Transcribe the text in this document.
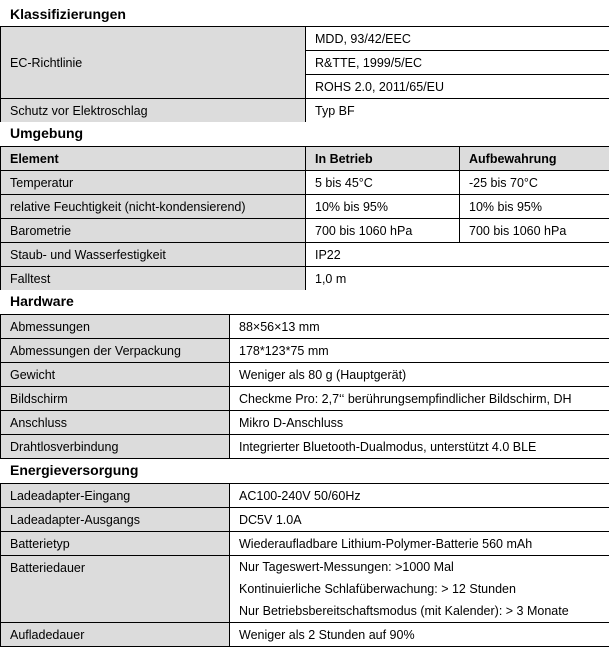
Klassifizierungen
EC-Richtlinie	MDD, 93/42/EEC
	R&TTE, 1999/5/EC
	ROHS 2.0, 2011/65/EU
Schutz vor Elektroschlag	Typ BF
Umgebung
Element	In Betrieb	Aufbewahrung
Temperatur	5 bis 45°C	-25 bis 70°C
relative Feuchtigkeit (nicht-kondensierend)	10% bis 95%	10% bis 95%
Barometrie	700 bis 1060 hPa	700 bis 1060 hPa
Staub- und Wasserfestigkeit	IP22	
Falltest	1,0 m	
Hardware
Abmessungen	88×56×13 mm
Abmessungen der Verpackung	178*123*75 mm
Gewicht	Weniger als 80 g (Hauptgerät)
Bildschirm	Checkme Pro: 2,7‘‘ berührungsempfindlicher Bildschirm, DH
Anschluss	Mikro D-Anschluss
Drahtlosverbindung	Integrierter Bluetooth-Dualmodus, unterstützt 4.0 BLE
Energieversorgung
Ladeadapter-Eingang	AC100-240V 50/60Hz
Ladeadapter-Ausgangs	DC5V 1.0A
Batterietyp	Wiederaufladbare Lithium-Polymer-Batterie 560 mAh
Batteriedauer	Nur Tageswert-Messungen: >1000 Mal
Kontinuierliche Schlafüberwachung: > 12 Stunden
Nur Betriebsbereitschaftsmodus (mit Kalender): > 3 Monate

Aufladedauer	Weniger als 2 Stunden auf 90%
